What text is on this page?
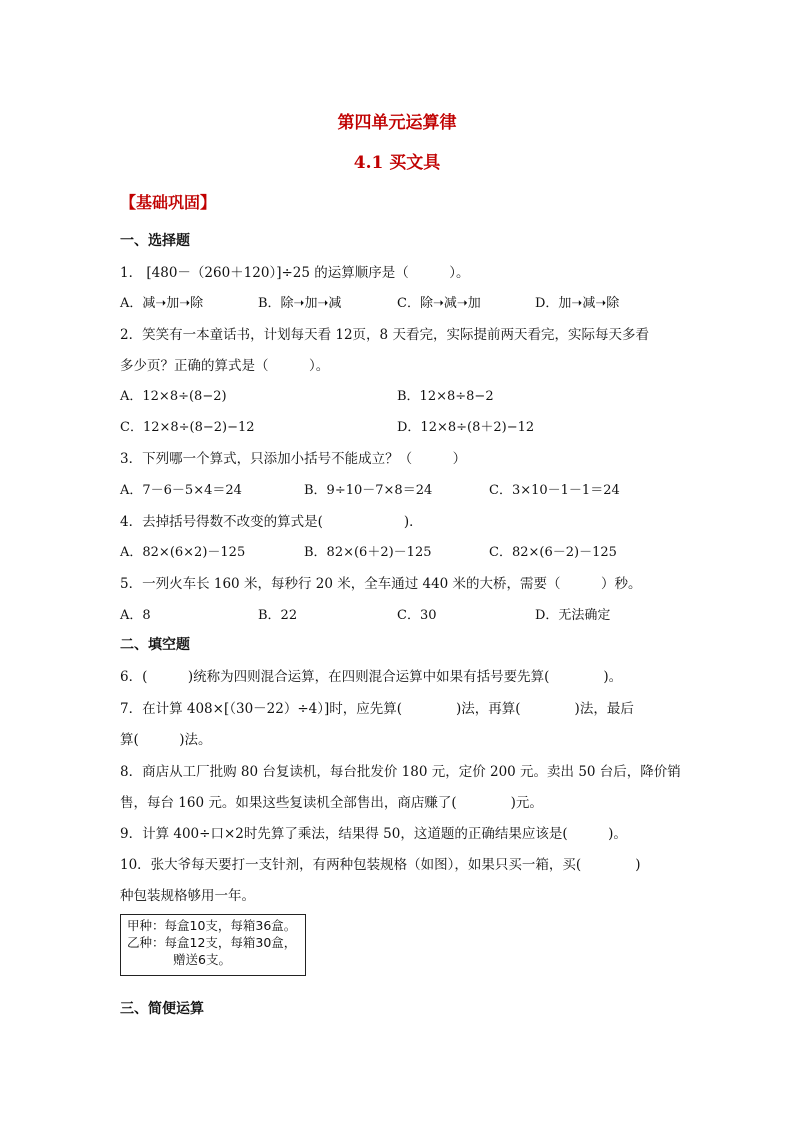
第四单元运算律
4.1 买文具
【基础巩固】
一、选择题
1． [480－（260＋120）]÷25 的运算顺序是（　　　）。
A．减➝加➝除	B．除➝加➝减	C．除➝减➝加	D．加➝减➝除
2．笑笑有一本童话书，计划每天看 12页，8 天看完，实际提前两天看完，实际每天多看
多少页？正确的算式是（　　　）。
A．12×8÷(8−2)	B．12×8÷8−2
C．12×8÷(8−2)−12	D．12×8÷(8＋2)−12
3．下列哪一个算式，只添加小括号不能成立？（　　　）
A．7－6－5×4＝24	B．9÷10－7×8＝24	C．3×10－1－1＝24
4．去掉括号得数不改变的算式是(　　　　　　)．
A．82×(6×2)－125	B．82×(6＋2)－125	C．82×(6－2)－125
5．一列火车长 160 米，每秒行 20 米，全车通过 440 米的大桥，需要（　　　）秒。
A．8	B．22	C．30	D．无法确定
二、填空题
6．(　　　)统称为四则混合运算，在四则混合运算中如果有括号要先算(　　　　)。
7．在计算 408×[（30－22）÷4）]时，应先算(　　　　)法，再算(　　　　)法，最后
算(　　　)法。
8．商店从工厂批购 80 台复读机，每台批发价 180 元，定价 200 元。卖出 50 台后，降价销
售，每台 160 元。如果这些复读机全部售出，商店赚了(　　　　)元。
9．计算 400÷口×2时先算了乘法，结果得 50，这道题的正确结果应该是(　　　)。
10．张大爷每天要打一支针剂，有两种包装规格（如图），如果只买一箱，买(　　　　)
种包装规格够用一年。
甲种：每盒10支，每箱36盒。
乙种：每盒12支，每箱30盒，
赠送6支。
三、简便运算
